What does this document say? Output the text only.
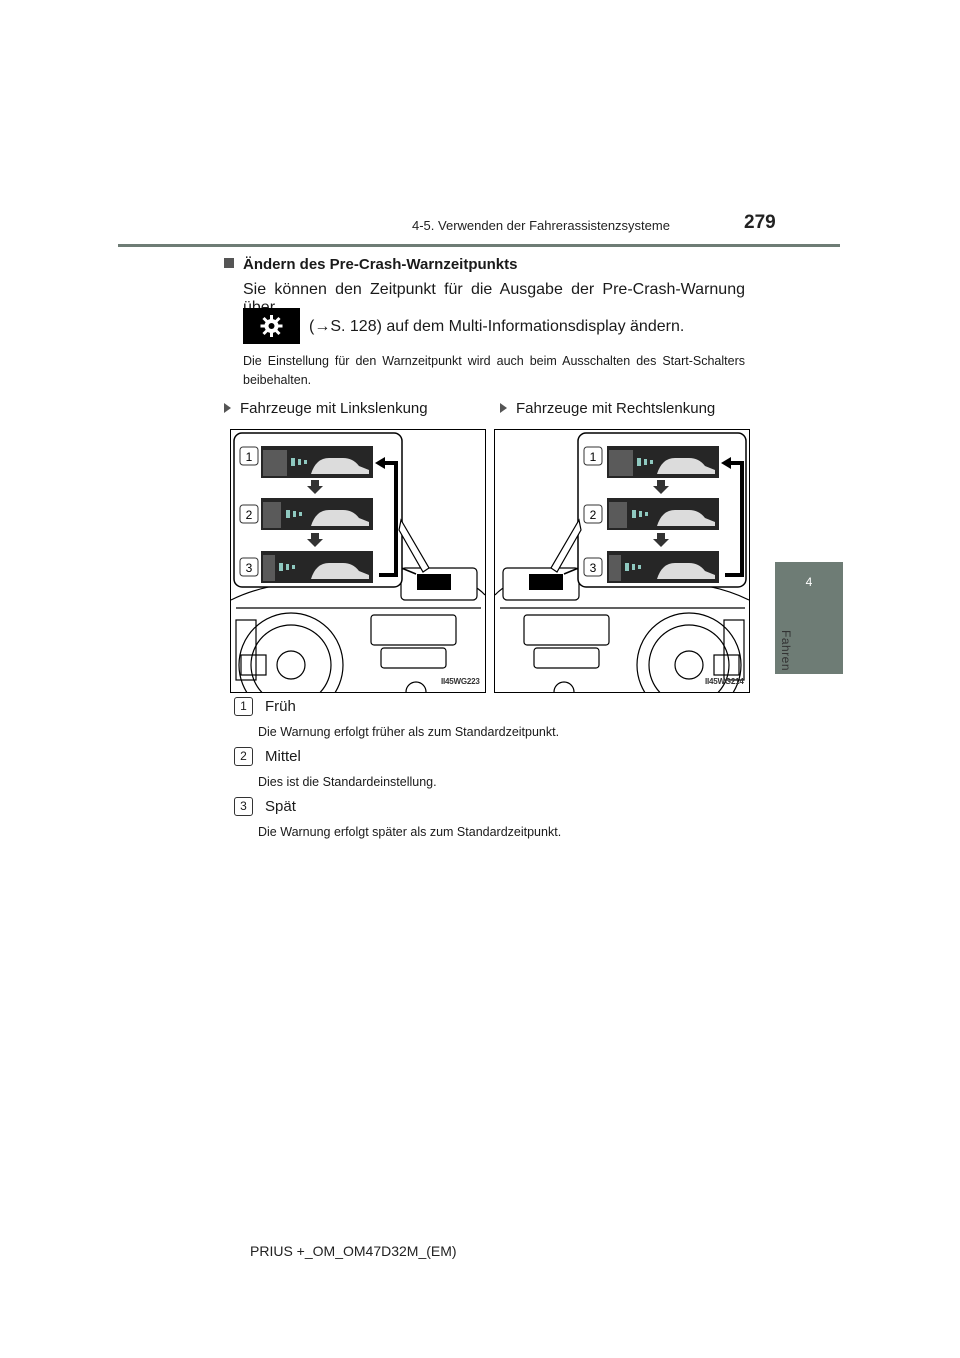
4-5. Verwenden der Fahrerassistenzsysteme	279
4
Fahren
Ändern des Pre-Crash-Warnzeitpunkts
Sie können den Zeitpunkt für die Ausgabe der Pre-Crash-Warnung
(→S. 128) auf dem Multi-Informationsdisplay ändern.
Die Einstellung für den Warnzeitpunkt wird auch beim Ausschalten des Start-Schalters beibehalten.
Fahrzeuge mit Linkslenkung	Fahrzeuge mit Rechtslenkung
1
2
3
II45WG223
1
2
3
II45WG214
1 Früh
Die Warnung erfolgt früher als zum Standardzeitpunkt.
2 Mittel
Dies ist die Standardeinstellung.
3 Spät
Die Warnung erfolgt später als zum Standardzeitpunkt.
PRIUS +_OM_OM47D32M_(EM)
